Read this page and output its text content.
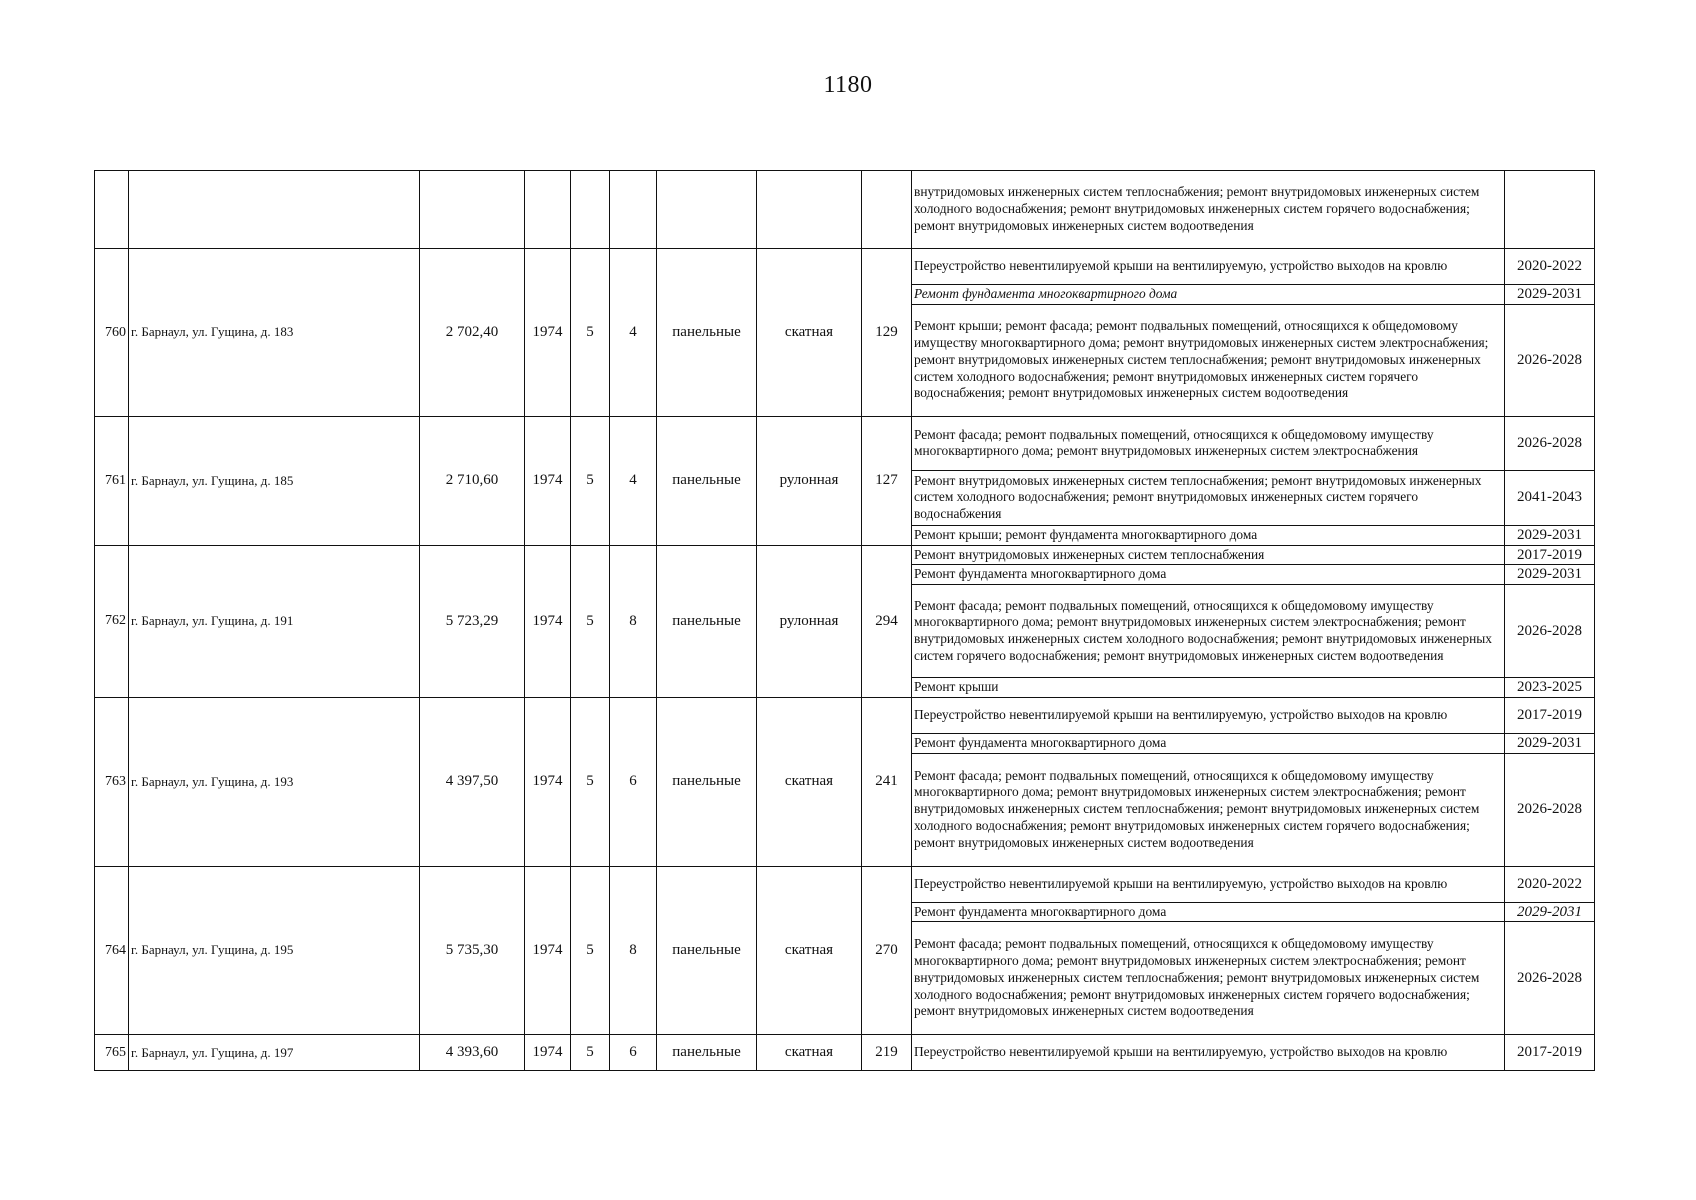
1180
									внутридомовых инженерных систем теплоснабжения; ремонт внутридомовых инженерных систем холодного водоснабжения; ремонт внутридомовых инженерных систем горячего водоснабжения; ремонт внутридомовых инженерных систем водоотведения	
760	г. Барнаул, ул. Гущина, д. 183	2 702,40	1974	5	4	панельные	скатная	129	Переустройство невентилируемой крыши на вентилируемую, устройство выходов на кровлю	2020-2022
									Ремонт фундамента многоквартирного дома	2029-2031
									Ремонт крыши; ремонт фасада; ремонт подвальных помещений, относящихся к общедомовому имуществу многоквартирного дома; ремонт внутридомовых инженерных систем электроснабжения; ремонт внутридомовых инженерных систем теплоснабжения; ремонт внутридомовых инженерных систем холодного водоснабжения; ремонт внутридомовых инженерных систем горячего водоснабжения; ремонт внутридомовых инженерных систем водоотведения	2026-2028
761	г. Барнаул, ул. Гущина, д. 185	2 710,60	1974	5	4	панельные	рулонная	127	Ремонт фасада; ремонт подвальных помещений, относящихся к общедомовому имуществу многоквартирного дома; ремонт внутридомовых инженерных систем электроснабжения	2026-2028
									Ремонт внутридомовых инженерных систем теплоснабжения; ремонт внутридомовых инженерных систем холодного водоснабжения; ремонт внутридомовых инженерных систем горячего водоснабжения	2041-2043
									Ремонт крыши; ремонт фундамента многоквартирного дома	2029-2031
762	г. Барнаул, ул. Гущина, д. 191	5 723,29	1974	5	8	панельные	рулонная	294	Ремонт внутридомовых инженерных систем теплоснабжения	2017-2019
									Ремонт фундамента многоквартирного дома	2029-2031
									Ремонт фасада; ремонт подвальных помещений, относящихся к общедомовому имуществу многоквартирного дома; ремонт внутридомовых инженерных систем электроснабжения; ремонт внутридомовых инженерных систем холодного водоснабжения; ремонт внутридомовых инженерных систем горячего водоснабжения; ремонт внутридомовых инженерных систем водоотведения	2026-2028
									Ремонт крыши	2023-2025
763	г. Барнаул, ул. Гущина, д. 193	4 397,50	1974	5	6	панельные	скатная	241	Переустройство невентилируемой крыши на вентилируемую, устройство выходов на кровлю	2017-2019
									Ремонт фундамента многоквартирного дома	2029-2031
									Ремонт фасада; ремонт подвальных помещений, относящихся к общедомовому имуществу многоквартирного дома; ремонт внутридомовых инженерных систем электроснабжения; ремонт внутридомовых инженерных систем теплоснабжения; ремонт внутридомовых инженерных систем холодного водоснабжения; ремонт внутридомовых инженерных систем горячего водоснабжения; ремонт внутридомовых инженерных систем водоотведения	2026-2028
764	г. Барнаул, ул. Гущина, д. 195	5 735,30	1974	5	8	панельные	скатная	270	Переустройство невентилируемой крыши на вентилируемую, устройство выходов на кровлю	2020-2022
									Ремонт фундамента многоквартирного дома	2029-2031
									Ремонт фасада; ремонт подвальных помещений, относящихся к общедомовому имуществу многоквартирного дома; ремонт внутридомовых инженерных систем электроснабжения; ремонт внутридомовых инженерных систем теплоснабжения; ремонт внутридомовых инженерных систем холодного водоснабжения; ремонт внутридомовых инженерных систем горячего водоснабжения; ремонт внутридомовых инженерных систем водоотведения	2026-2028
765	г. Барнаул, ул. Гущина, д. 197	4 393,60	1974	5	6	панельные	скатная	219	Переустройство невентилируемой крыши на вентилируемую, устройство выходов на кровлю	2017-2019
